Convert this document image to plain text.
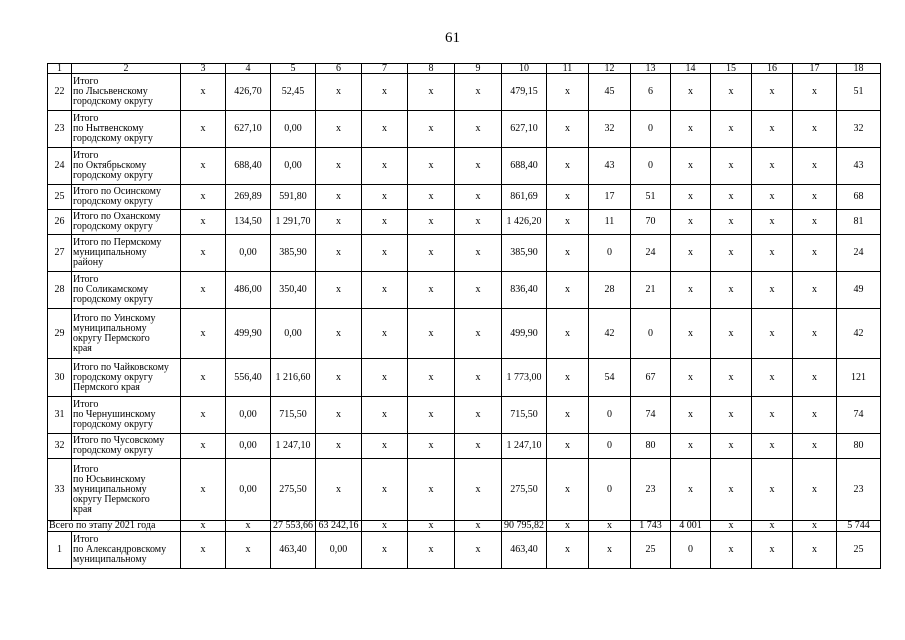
61
1	2	3	4	5	6	7	8	9	10	11	12	13	14	15	16	17	18
22	Итого
по Лысьвенскому
городскому округу	х	426,70	52,45	х	х	х	х	479,15	х	45	6	х	х	х	х	51
23	Итого
по Нытвенскому
городскому округу	х	627,10	0,00	х	х	х	х	627,10	х	32	0	х	х	х	х	32
24	Итого
по Октябрьскому
городскому округу	х	688,40	0,00	х	х	х	х	688,40	х	43	0	х	х	х	х	43
25	Итого по Осинскому
городскому округу	х	269,89	591,80	х	х	х	х	861,69	х	17	51	х	х	х	х	68
26	Итого по Оханскому
городскому округу	х	134,50	1 291,70	х	х	х	х	1 426,20	х	11	70	х	х	х	х	81
27	Итого по Пермскому
муниципальному
району	х	0,00	385,90	х	х	х	х	385,90	х	0	24	х	х	х	х	24
28	Итого
по Соликамскому
городскому округу	х	486,00	350,40	х	х	х	х	836,40	х	28	21	х	х	х	х	49
29	Итого по Уинскому
муниципальному
округу Пермского
края	х	499,90	0,00	х	х	х	х	499,90	х	42	0	х	х	х	х	42
30	Итого по Чайковскому
городскому округу
Пермского края	х	556,40	1 216,60	х	х	х	х	1 773,00	х	54	67	х	х	х	х	121
31	Итого
по Чернушинскому
городскому округу	х	0,00	715,50	х	х	х	х	715,50	х	0	74	х	х	х	х	74
32	Итого по Чусовскому
городскому округу	х	0,00	1 247,10	х	х	х	х	1 247,10	х	0	80	х	х	х	х	80
33	Итого
по Юсьвинскому
муниципальному
округу Пермского
края	х	0,00	275,50	х	х	х	х	275,50	х	0	23	х	х	х	х	23
Всего по этапу 2021 года		х	х	27 553,66	63 242,16	х	х	х	90 795,82	х	х	1 743	4 001	х	х	х	5 744
1	Итого
по Александровскому
муниципальному	х	х	463,40	0,00	х	х	х	463,40	х	х	25	0	х	х	х	25
